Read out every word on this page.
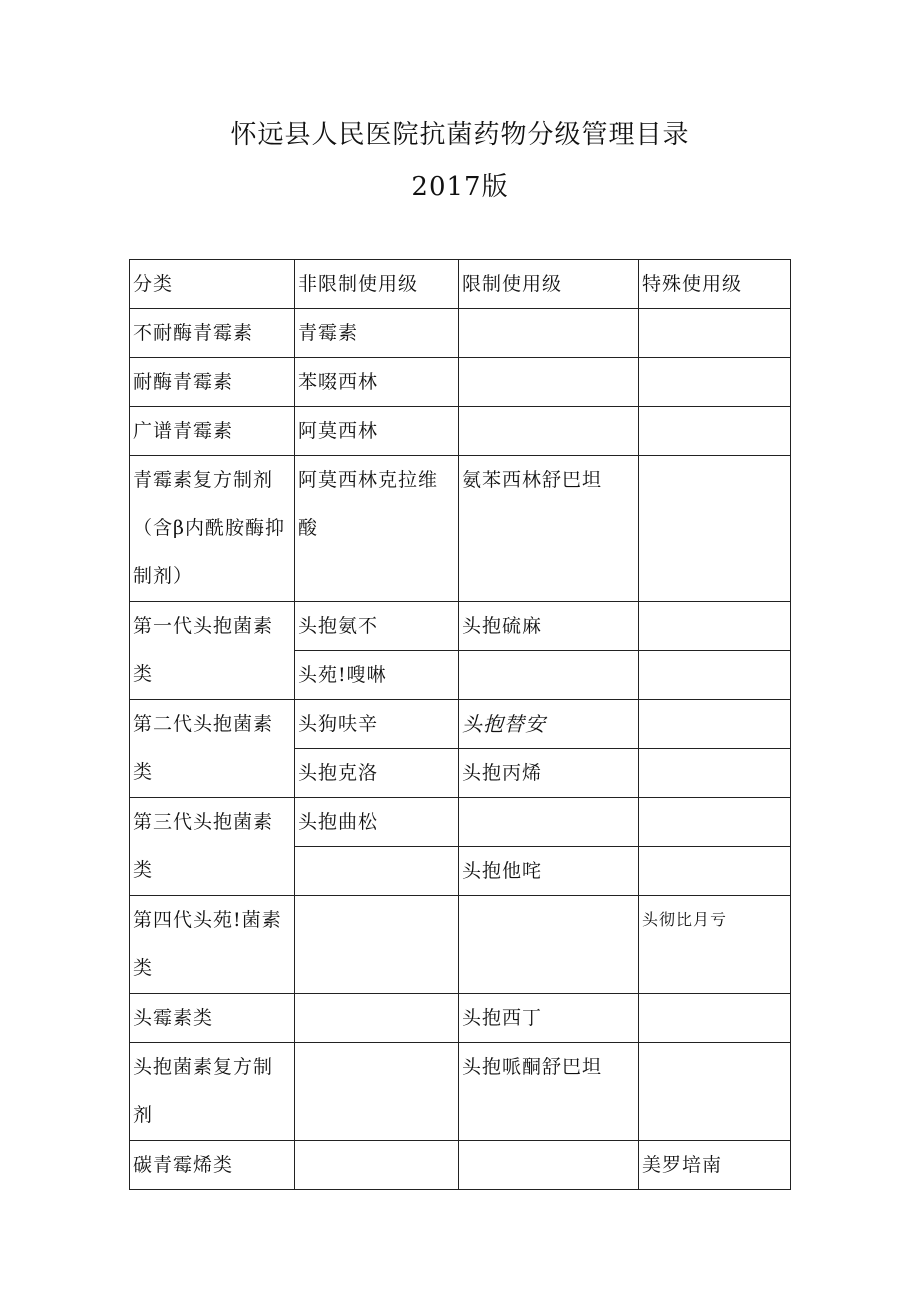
怀远县人民医院抗菌药物分级管理目录
2017版
分类	非限制使用级	限制使用级	特殊使用级

不耐酶青霉素	青霉素		

耐酶青霉素	苯啜西林		

广谱青霉素	阿莫西林		

青霉素复方制剂（含β内酰胺酶抑制剂）	阿莫西林克拉维酸	氨苯西林舒巴坦	

第一代头抱菌素类	头抱氨不	头抱硫麻	

	头苑!嗖啉		

第二代头抱菌素类	头狗呋辛	头抱替安	

	头抱克洛	头抱丙烯	

第三代头抱菌素类	头抱曲松		

		头抱他咤	

第四代头苑!菌素类			头彻比月亏

头霉素类		头抱西丁	

头抱菌素复方制剂		头抱哌酮舒巴坦	

碳青霉烯类			美罗培南
